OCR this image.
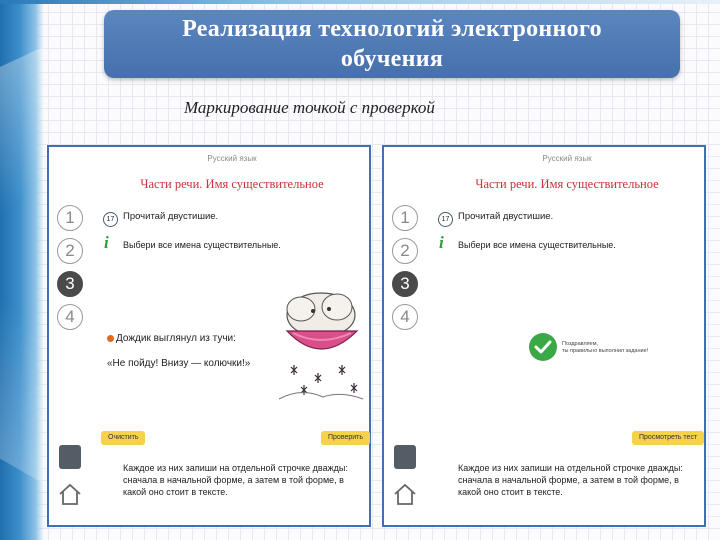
Реализация технологий электронного
обучения
Маркирование точкой с проверкой
1
2
3
4
Русский язык
Части речи. Имя существительное
17 Прочитай двустишие.
i Выбери все имена существительные.
Дождик выглянул из тучи:
«Не пойду! Внизу — колючки!»
Очистить	Проверить
Каждое из них запиши на отдельной строчке дважды: сначала в начальной форме, а затем в той форме, в какой оно стоит в тексте.
1
2
3
4
Русский язык
Части речи. Имя существительное
17 Прочитай двустишие.
i Выбери все имена существительные.
Поздравляем,
ты правильно выполнил задание!
Просмотреть тест
Каждое из них запиши на отдельной строчке дважды: сначала в начальной форме, а затем в той форме, в какой оно стоит в тексте.
